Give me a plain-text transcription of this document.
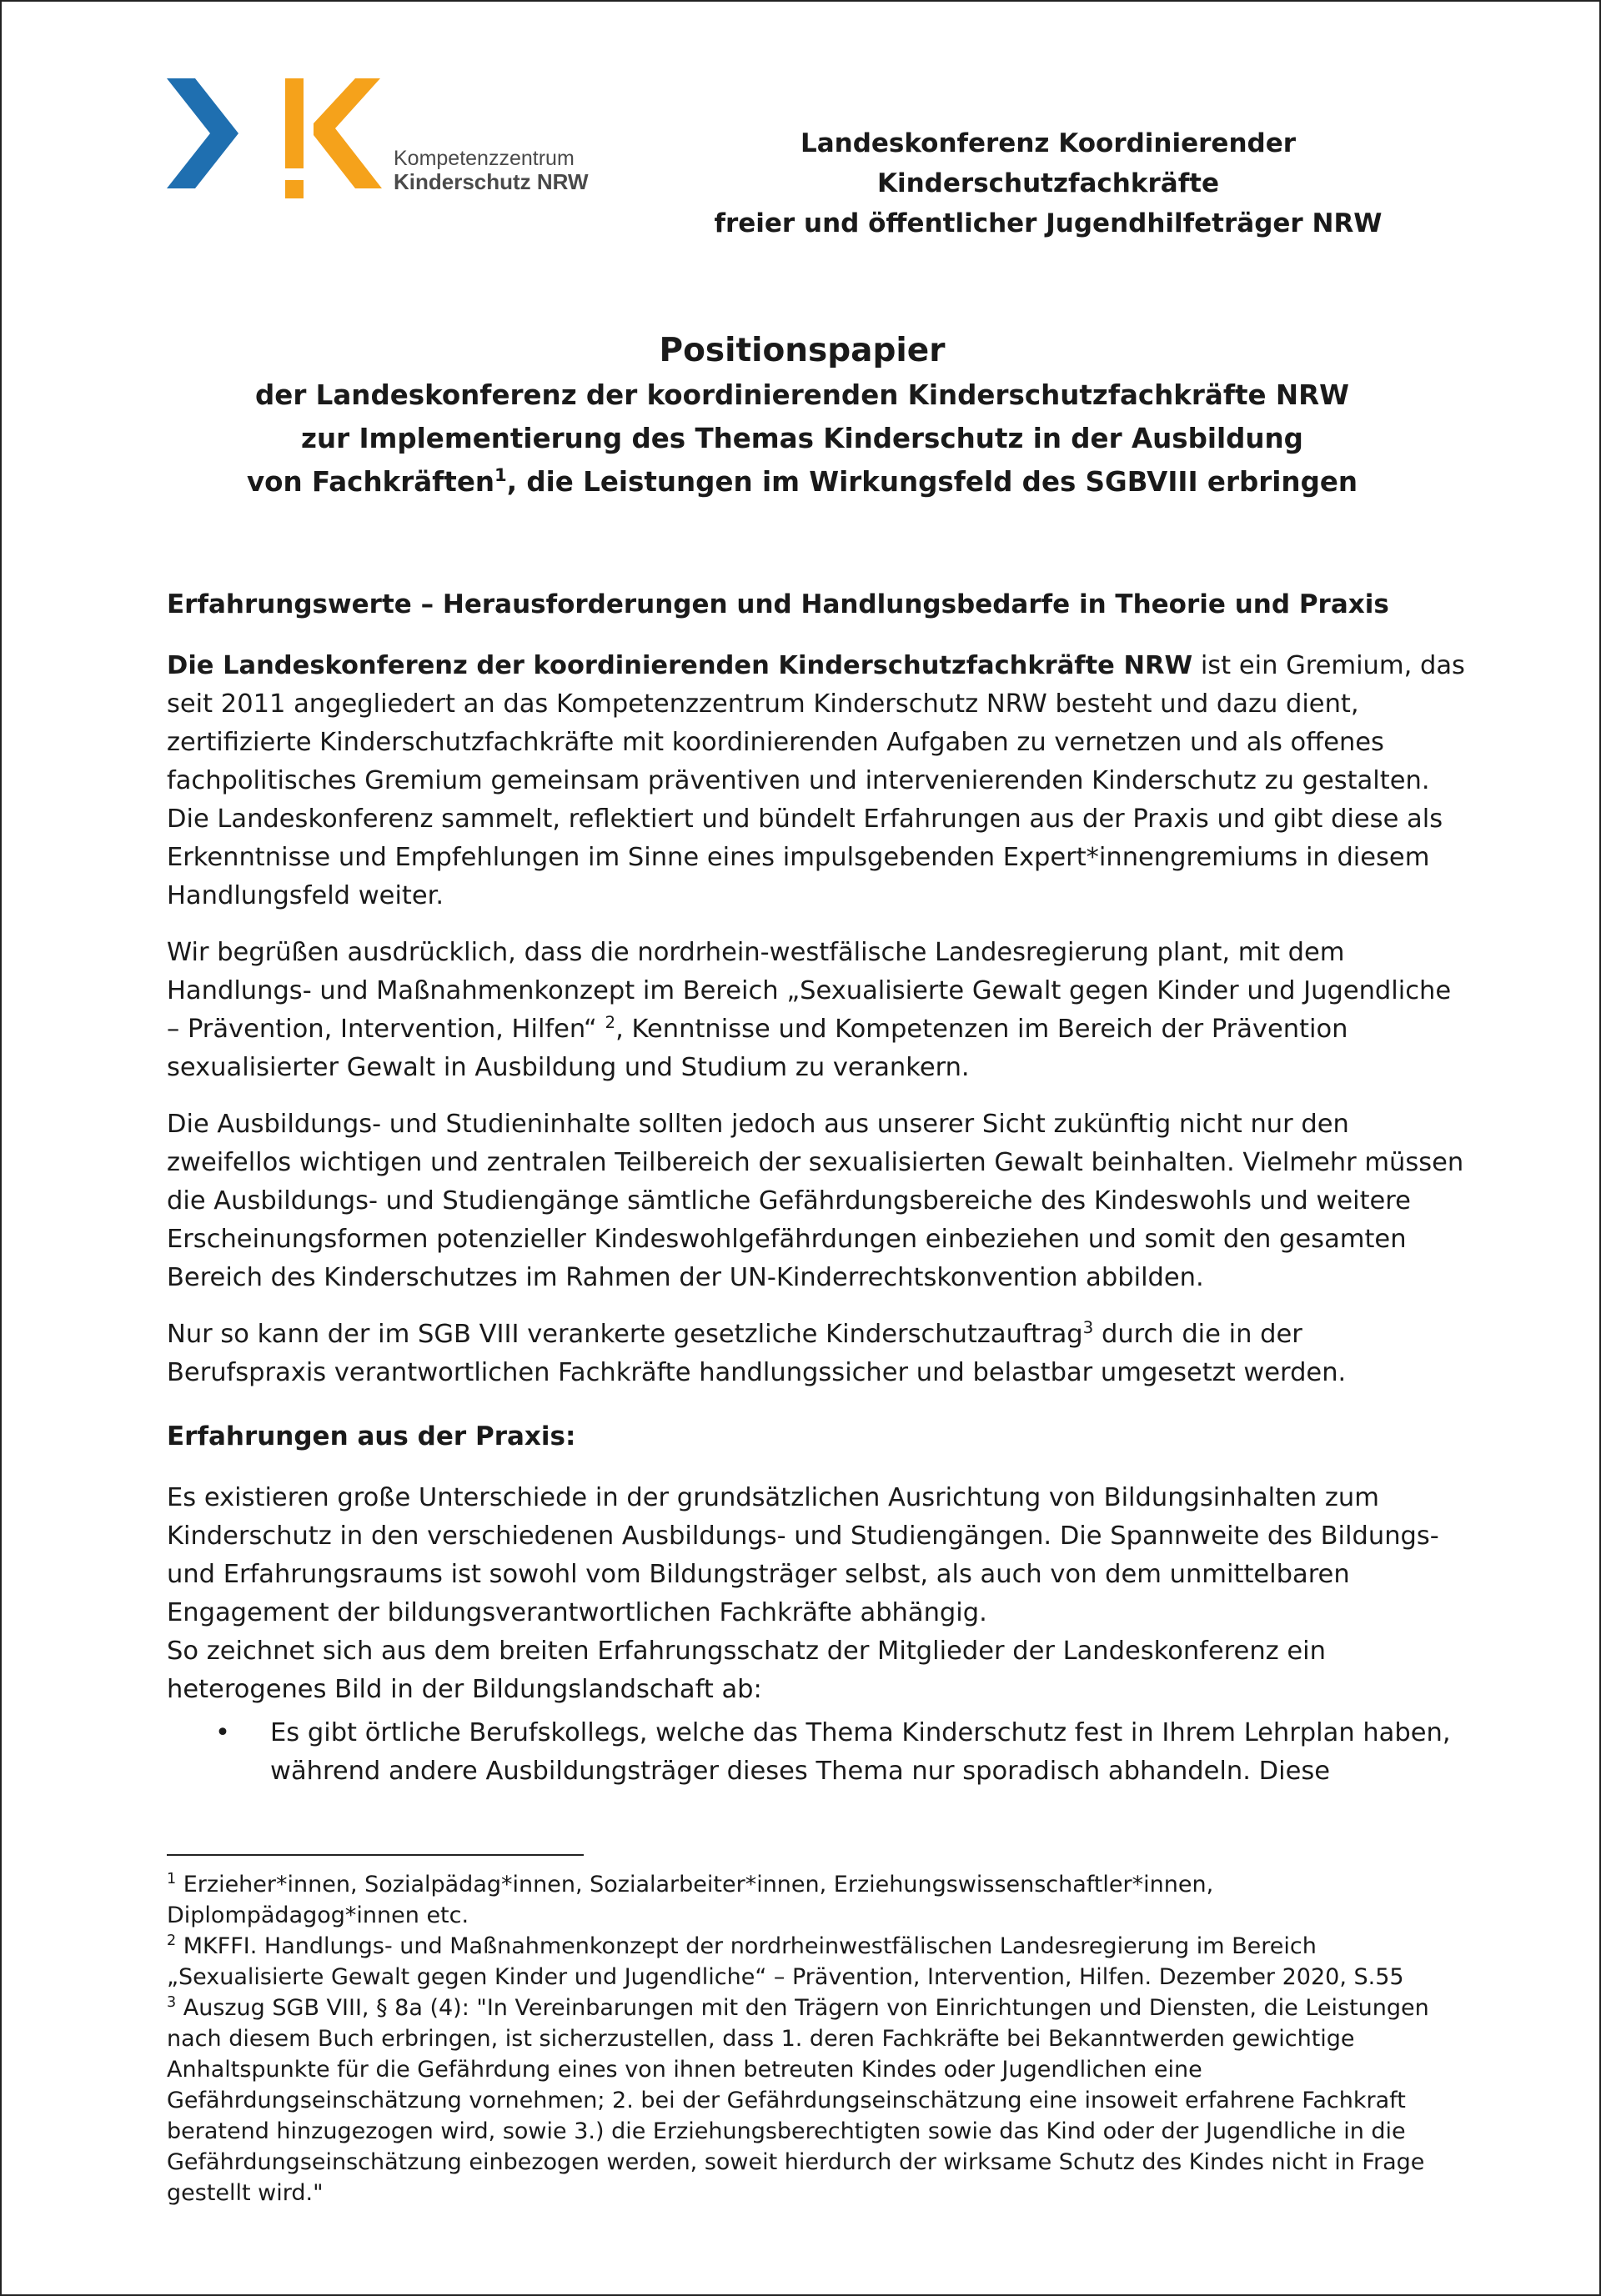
Kompetenzzentrum
Kinderschutz NRW
Landeskonferenz Koordinierender Kinderschutzfachkräfte
freier und öffentlicher Jugendhilfeträger NRW
Positionspapier
der Landeskonferenz der koordinierenden Kinderschutzfachkräfte NRW
zur Implementierung des Themas Kinderschutz in der Ausbildung
von Fachkräften$^1$, die Leistungen im Wirkungsfeld des SGBVIII erbringen
Erfahrungswerte – Herausforderungen und Handlungsbedarfe in Theorie und Praxis

Die Landeskonferenz der koordinierenden Kinderschutzfachkräfte NRW ist ein Gremium, das seit 2011 angegliedert an das Kompetenzzentrum Kinderschutz NRW besteht und dazu dient, zertifizierte Kinderschutzfachkräfte mit koordinierenden Aufgaben zu vernetzen und als offenes fachpolitisches Gremium gemeinsam präventiven und intervenierenden Kinderschutz zu gestalten. Die Landeskonferenz sammelt, reflektiert und bündelt Erfahrungen aus der Praxis und gibt diese als Erkenntnisse und Empfehlungen im Sinne eines impulsgebenden Expert*innengremiums in diesem Handlungsfeld weiter.

Wir begrüßen ausdrücklich, dass die nordrhein-westfälische Landesregierung plant, mit dem Handlungs- und Maßnahmenkonzept im Bereich „Sexualisierte Gewalt gegen Kinder und Jugendliche – Prävention, Intervention, Hilfen“ $^2$, Kenntnisse und Kompetenzen im Bereich der Prävention sexualisierter Gewalt in Ausbildung und Studium zu verankern.

Die Ausbildungs- und Studieninhalte sollten jedoch aus unserer Sicht zukünftig nicht nur den zweifellos wichtigen und zentralen Teilbereich der sexualisierten Gewalt beinhalten. Vielmehr müssen die Ausbildungs- und Studiengänge sämtliche Gefährdungsbereiche des Kindeswohls und weitere Erscheinungsformen potenzieller Kindeswohlgefährdungen einbeziehen und somit den gesamten Bereich des Kinderschutzes im Rahmen der UN-Kinderrechtskonvention abbilden.

Nur so kann der im SGB VIII verankerte gesetzliche Kinderschutzauftrag$^3$ durch die in der Berufspraxis verantwortlichen Fachkräfte handlungssicher und belastbar umgesetzt werden.

Erfahrungen aus der Praxis:

Es existieren große Unterschiede in der grundsätzlichen Ausrichtung von Bildungsinhalten zum Kinderschutz in den verschiedenen Ausbildungs- und Studiengängen. Die Spannweite des Bildungs- und Erfahrungsraums ist sowohl vom Bildungsträger selbst, als auch von dem unmittelbaren Engagement der bildungsverantwortlichen Fachkräfte abhängig.

So zeichnet sich aus dem breiten Erfahrungsschatz der Mitglieder der Landeskonferenz ein heterogenes Bild in der Bildungslandschaft ab:

• Es gibt örtliche Berufskollegs, welche das Thema Kinderschutz fest in Ihrem Lehrplan haben, während andere Ausbildungsträger dieses Thema nur sporadisch abhandeln. Diese

$^1$ Erzieher*innen, Sozialpädag*innen, Sozialarbeiter*innen, Erziehungswissenschaftler*innen, Diplompädagog*innen etc.

$^2$ MKFFI. Handlungs- und Maßnahmenkonzept der nordrheinwestfälischen Landesregierung im Bereich „Sexualisierte Gewalt gegen Kinder und Jugendliche“ – Prävention, Intervention, Hilfen. Dezember 2020, S.55

$^3$ Auszug SGB VIII, § 8a (4): "In Vereinbarungen mit den Trägern von Einrichtungen und Diensten, die Leistungen nach diesem Buch erbringen, ist sicherzustellen, dass 1. deren Fachkräfte bei Bekanntwerden gewichtige Anhaltspunkte für die Gefährdung eines von ihnen betreuten Kindes oder Jugendlichen eine Gefährdungseinschätzung vornehmen; 2. bei der Gefährdungseinschätzung eine insoweit erfahrene Fachkraft beratend hinzugezogen wird, sowie 3.) die Erziehungsberechtigten sowie das Kind oder der Jugendliche in die Gefährdungseinschätzung einbezogen werden, soweit hierdurch der wirksame Schutz des Kindes nicht in Frage gestellt wird."
